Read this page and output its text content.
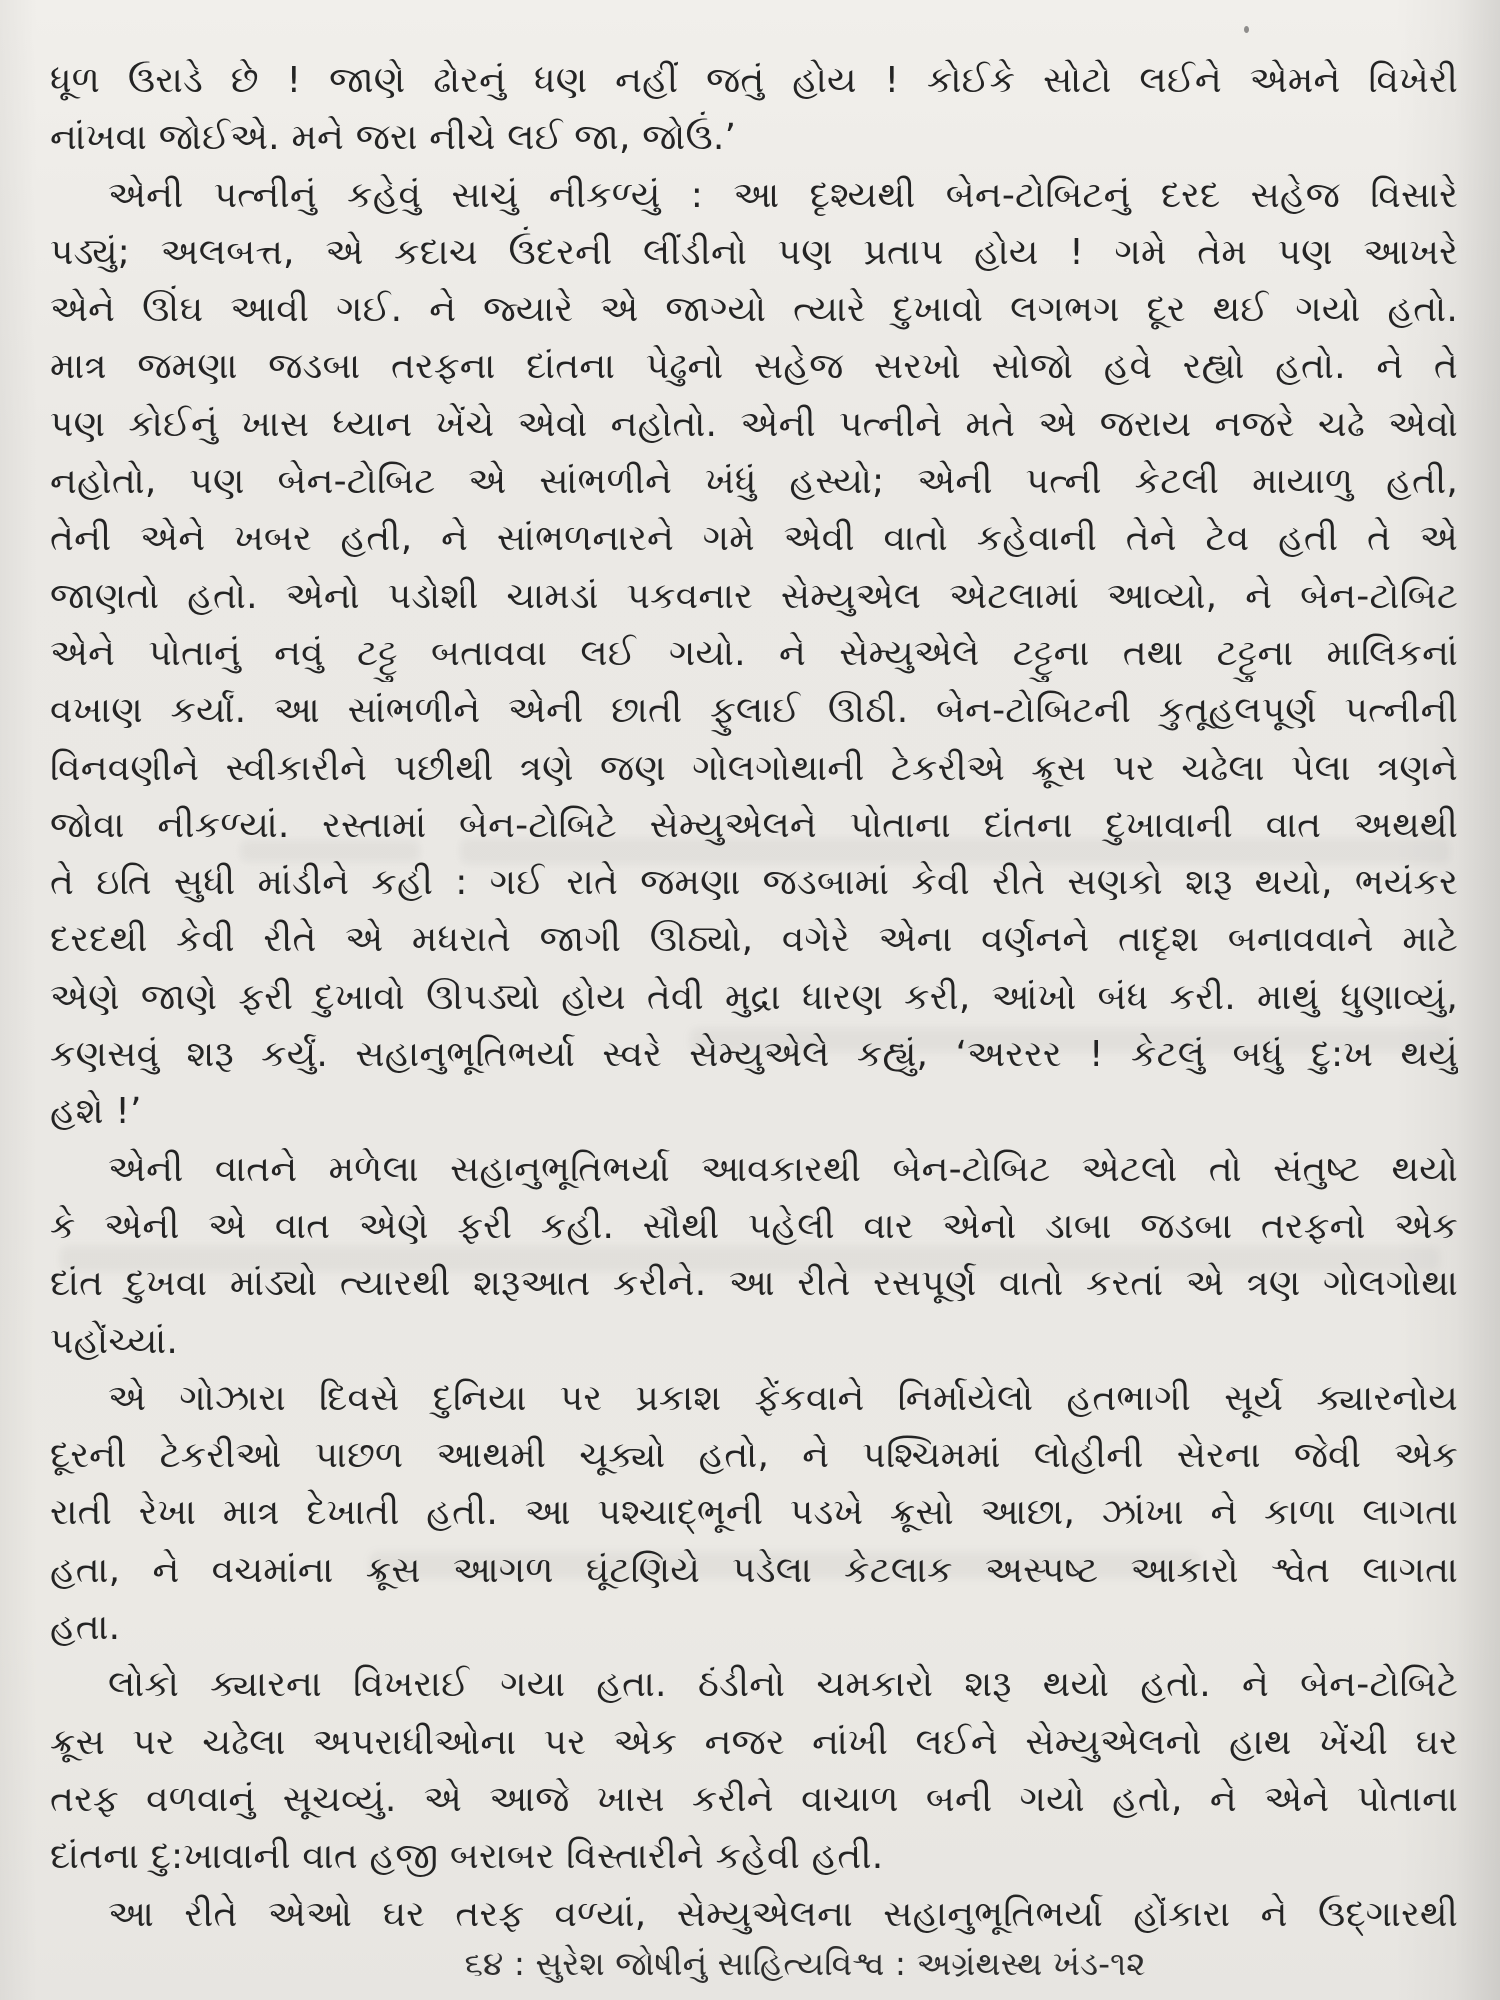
ધૂળ ઉરાડે છે ! જાણે ઢોરનું ધણ નહીં જતું હોય ! કોઈકે સોટો લઈને એમને વિખેરી
નાંખવા જોઈએ. મને જરા નીચે લઈ જા, જોઉં.’
એની પત્નીનું કહેવું સાચું નીકળ્યું : આ દૃશ્યથી બેન-ટોબિટનું દરદ સહેજ વિસારે
પડ્યું; અલબત્ત, એ કદાચ ઉંદરની લીંડીનો પણ પ્રતાપ હોય ! ગમે તેમ પણ આખરે
એને ઊંઘ આવી ગઈ. ને જ્યારે એ જાગ્યો ત્યારે દુખાવો લગભગ દૂર થઈ ગયો હતો.
માત્ર જમણા જડબા તરફના દાંતના પેઢુનો સહેજ સરખો સોજો હવે રહ્યો હતો. ને તે
પણ કોઈનું ખાસ ધ્યાન ખેંચે એવો નહોતો. એની પત્નીને મતે એ જરાય નજરે ચઢે એવો
નહોતો, પણ બેન-ટોબિટ એ સાંભળીને ખંધું હસ્યો; એની પત્ની કેટલી માયાળુ હતી,
તેની એને ખબર હતી, ને સાંભળનારને ગમે એવી વાતો કહેવાની તેને ટેવ હતી તે એ
જાણતો હતો. એનો પડોશી ચામડાં પકવનાર સેમ્યુએલ એટલામાં આવ્યો, ને બેન-ટોબિટ
એને પોતાનું નવું ટટ્ટુ બતાવવા લઈ ગયો. ને સેમ્યુએલે ટટ્ટુના તથા ટટ્ટુના માલિકનાં
વખાણ કર્યાં. આ સાંભળીને એની છાતી ફુલાઈ ઊઠી. બેન-ટોબિટની કુતૂહલપૂર્ણ પત્નીની
વિનવણીને સ્વીકારીને પછીથી ત્રણે જણ ગોલગોથાની ટેકરીએ ક્રૂસ પર ચઢેલા પેલા ત્રણને
જોવા નીકળ્યાં. રસ્તામાં બેન-ટોબિટે સેમ્યુએલને પોતાના દાંતના દુખાવાની વાત અથથી
તે ઇતિ સુધી માંડીને કહી : ગઈ રાતે જમણા જડબામાં કેવી રીતે સણકો શરૂ થયો, ભયંકર
દરદથી કેવી રીતે એ મધરાતે જાગી ઊઠ્યો, વગેરે એના વર્ણનને તાદૃશ બનાવવાને માટે
એણે જાણે ફરી દુખાવો ઊપડ્યો હોય તેવી મુદ્રા ધારણ કરી, આંખો બંધ કરી. માથું ધુણાવ્યું,
કણસવું શરૂ કર્યું. સહાનુભૂતિભર્યા સ્વરે સેમ્યુએલે કહ્યું, ‘અરરર ! કેટલું બધું દુ:ખ થયું
હશે !’
એની વાતને મળેલા સહાનુભૂતિભર્યા આવકારથી બેન-ટોબિટ એટલો તો સંતુષ્ટ થયો
કે એની એ વાત એણે ફરી કહી. સૌથી પહેલી વાર એનો ડાબા જડબા તરફનો એક
દાંત દુખવા માંડ્યો ત્યારથી શરૂઆત કરીને. આ રીતે રસપૂર્ણ વાતો કરતાં એ ત્રણ ગોલગોથા
પહોંચ્યાં.
એ ગોઝારા દિવસે દુનિયા પર પ્રકાશ ફેંકવાને નિર્માયેલો હતભાગી સૂર્ય ક્યારનોય
દૂરની ટેકરીઓ પાછળ આથમી ચૂક્યો હતો, ને પશ્ચિમમાં લોહીની સેરના જેવી એક
રાતી રેખા માત્ર દેખાતી હતી. આ પશ્ચાદ્ભૂની પડખે ક્રૂસો આછા, ઝાંખા ને કાળા લાગતા
હતા, ને વચમાંના ક્રૂસ આગળ ઘૂંટણિયે પડેલા કેટલાક અસ્પષ્ટ આકારો શ્વેત લાગતા
હતા.
લોકો ક્યારના વિખરાઈ ગયા હતા. ઠંડીનો ચમકારો શરૂ થયો હતો. ને બેન-ટોબિટે
ક્રૂસ પર ચઢેલા અપરાધીઓના પર એક નજર નાંખી લઈને સેમ્યુએલનો હાથ ખેંચી ઘર
તરફ વળવાનું સૂચવ્યું. એ આજે ખાસ કરીને વાચાળ બની ગયો હતો, ને એને પોતાના
દાંતના દુ:ખાવાની વાત હજી બરાબર વિસ્તારીને કહેવી હતી.
આ રીતે એઓ ઘર તરફ વળ્યાં, સેમ્યુએલના સહાનુભૂતિભર્યા હોંકારા ને ઉદ્ગારથી
૬૪ : સુરેશ જોષીનું સાહિત્યવિશ્વ : અગ્રંથસ્થ ખંડ-૧૨
